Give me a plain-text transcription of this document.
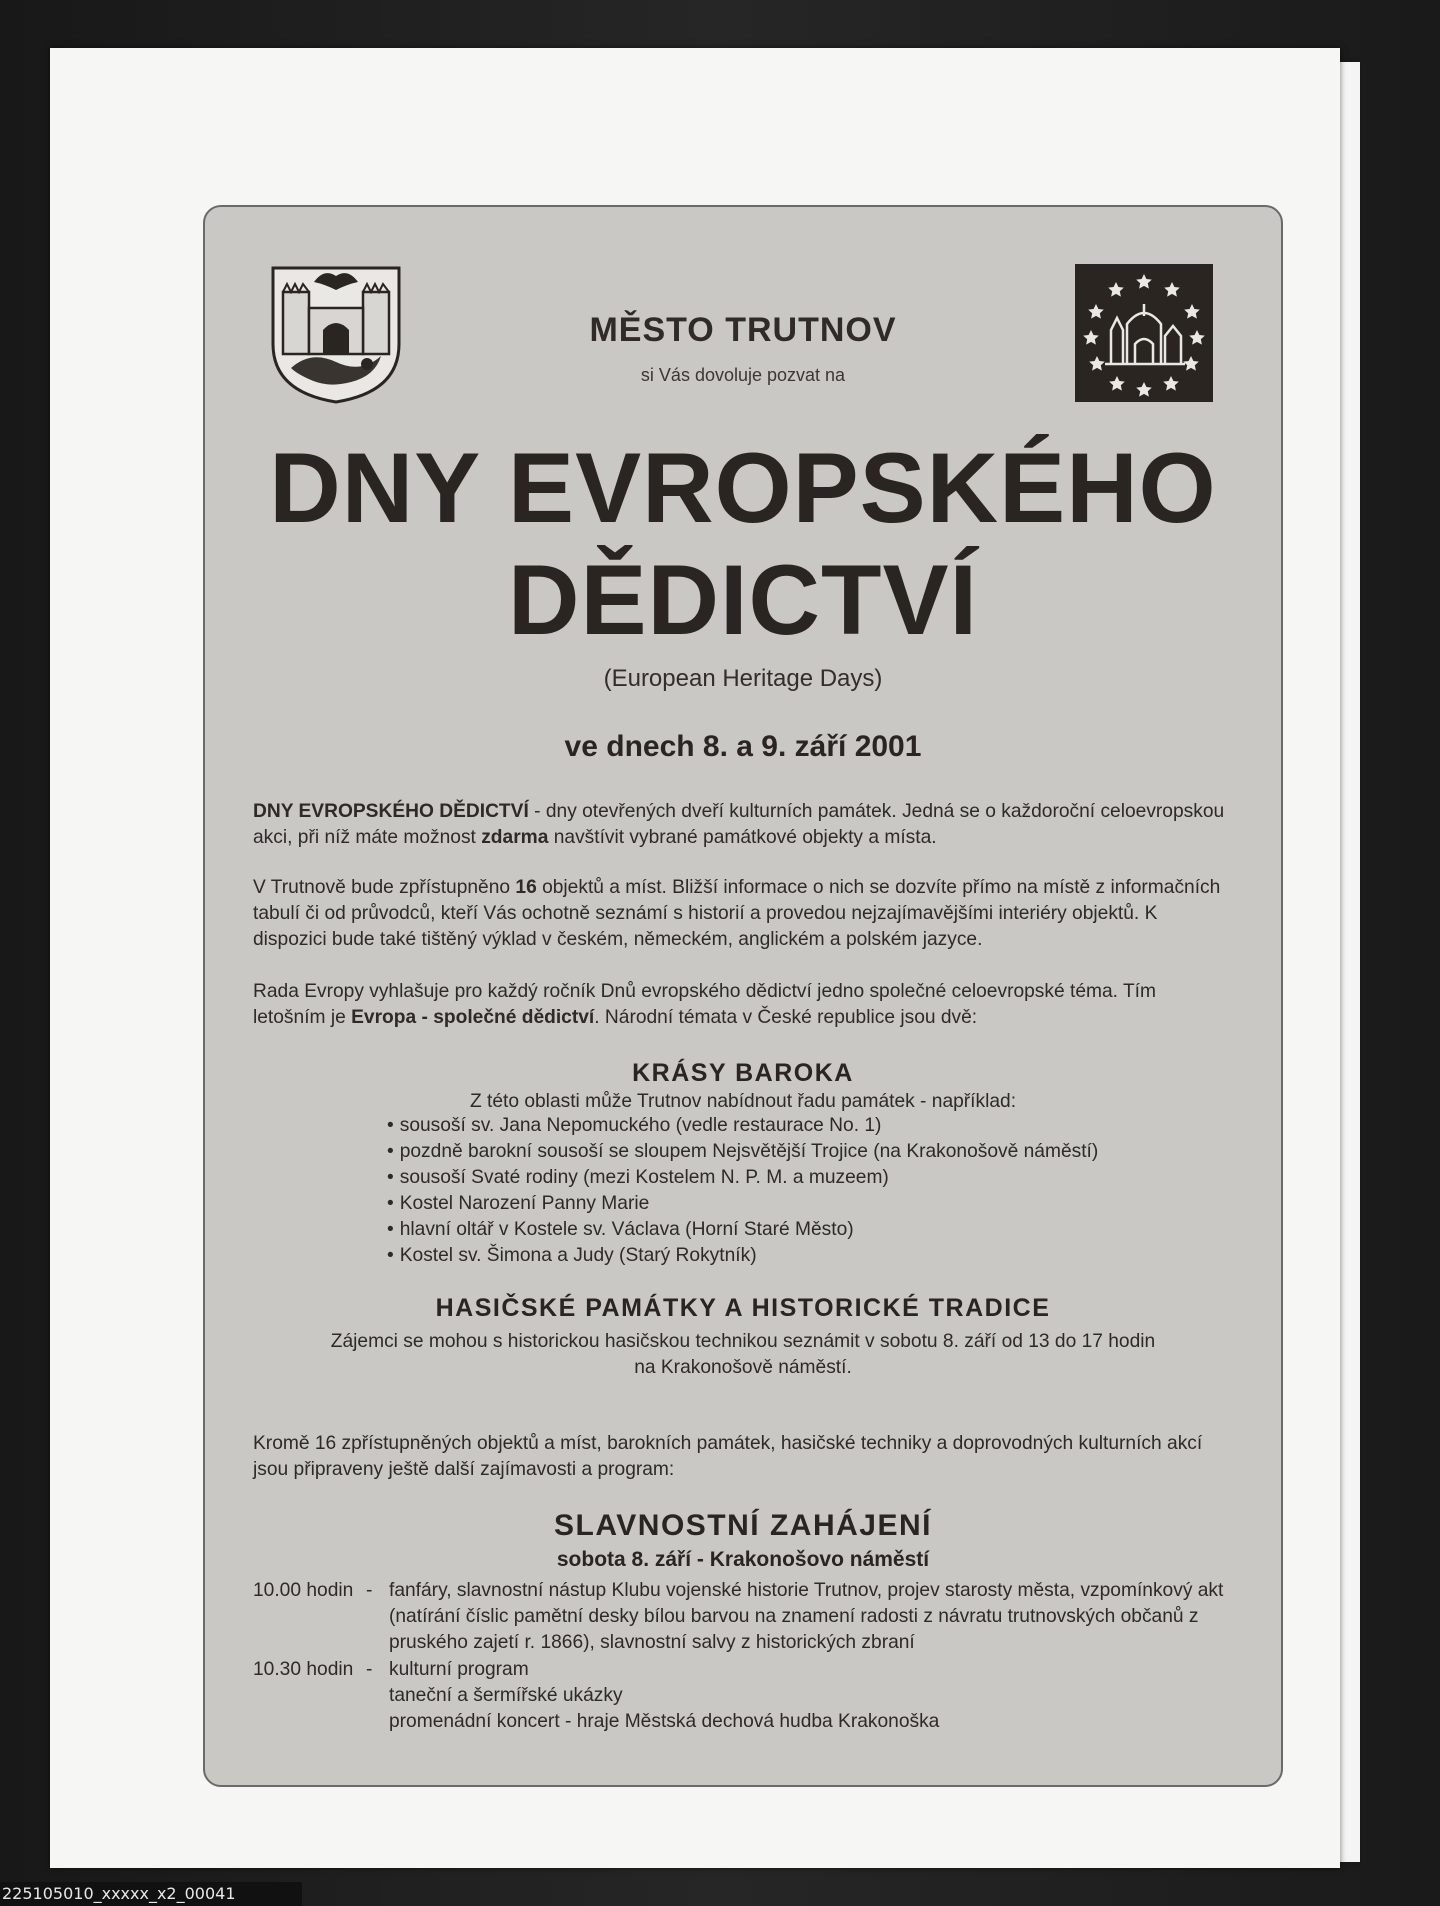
MĚSTO TRUTNOV
si Vás dovoluje pozvat na
DNY EVROPSKÉHO
DĚDICTVÍ
(European Heritage Days)
ve dnech 8. a 9. září 2001
DNY EVROPSKÉHO DĚDICTVÍ - dny otevřených dveří kulturních památek. Jedná se o každoroční celoevropskou akci, při níž máte možnost zdarma navštívit vybrané památkové objekty a místa.
V Trutnově bude zpřístupněno 16 objektů a míst. Bližší informace o nich se dozvíte přímo na místě z informačních tabulí či od průvodců, kteří Vás ochotně seznámí s historií a provedou nejzajímavějšími interiéry objektů. K dispozici bude také tištěný výklad v českém, německém, anglickém a polském jazyce.
Rada Evropy vyhlašuje pro každý ročník Dnů evropského dědictví jedno společné celoevropské téma. Tím letošním je Evropa - společné dědictví. Národní témata v České republice jsou dvě:
KRÁSY BAROKA
Z této oblasti může Trutnov nabídnout řadu památek - například:
• sousoší sv. Jana Nepomuckého (vedle restaurace No. 1)
• pozdně barokní sousoší se sloupem Nejsvětější Trojice (na Krakonošově náměstí)
• sousoší Svaté rodiny (mezi Kostelem N. P. M. a muzeem)
• Kostel Narození Panny Marie
• hlavní oltář v Kostele sv. Václava (Horní Staré Město)
• Kostel sv. Šimona a Judy (Starý Rokytník)
HASIČSKÉ PAMÁTKY A HISTORICKÉ TRADICE
Zájemci se mohou s historickou hasičskou technikou seznámit v sobotu 8. září od 13 do 17 hodin
na Krakonošově náměstí.
Kromě 16 zpřístupněných objektů a míst, barokních památek, hasičské techniky a doprovodných kulturních akcí jsou připraveny ještě další zajímavosti a program:
SLAVNOSTNÍ ZAHÁJENÍ
sobota 8. září - Krakonošovo náměstí
10.00 hodin - fanfáry, slavnostní nástup Klubu vojenské historie Trutnov, projev starosty města, vzpomínkový akt (natírání číslic pamětní desky bílou barvou na znamení radosti z návratu trutnovských občanů z pruského zajetí r. 1866), slavnostní salvy z historických zbraní
10.30 hodin - kulturní program
taneční a šermířské ukázky
promenádní koncert - hraje Městská dechová hudba Krakonoška
225105010_xxxxx_x2_00041
